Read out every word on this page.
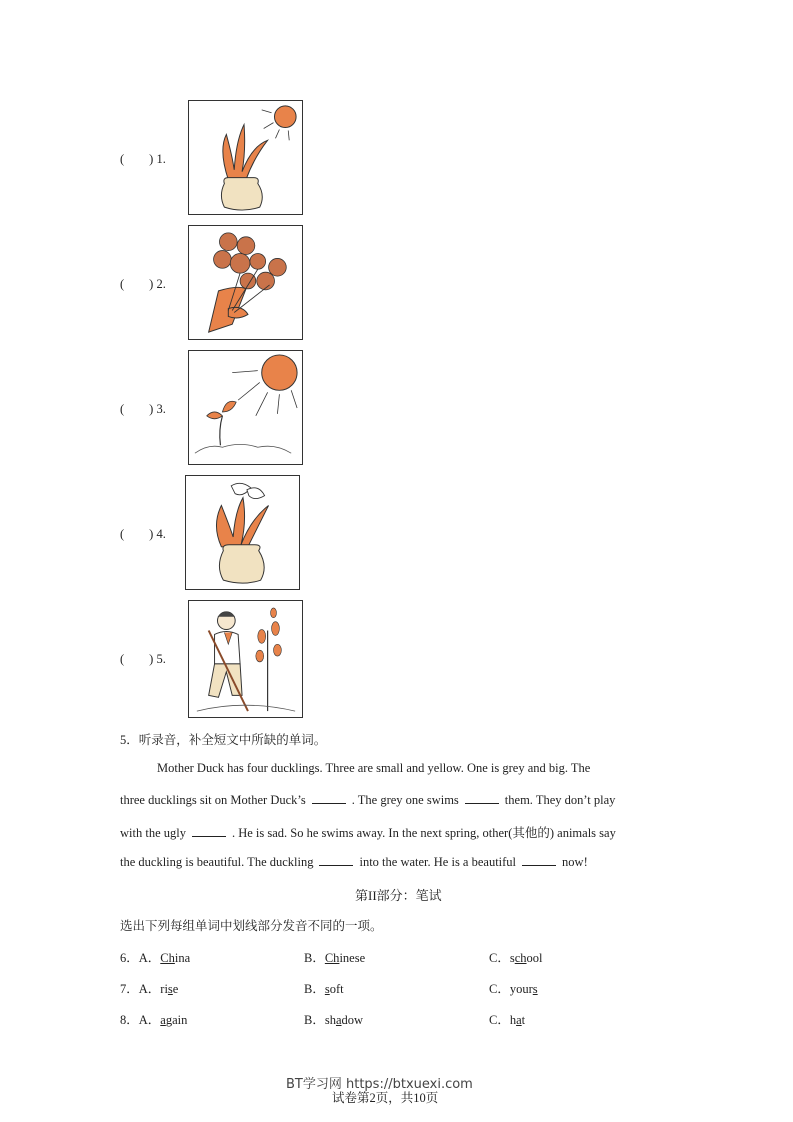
(        ) 1.
(        ) 2.
(        ) 3.
(        ) 4.
(        ) 5.
5．听录音，补全短文中所缺的单词。
Mother Duck has four ducklings. Three are small and yellow. One is grey and big. The
three ducklings sit on Mother Duck’s	. The grey one swims	them. They don’t play
with the ugly	. He is sad. So he swims away. In the next spring, other(其他的) animals say
the duckling is beautiful. The duckling	into the water. He is a beautiful	now!
第II部分：笔试
选出下列每组单词中划线部分发音不同的一项。
6．A．China	B．Chinese	C．school
7．A．rise	B．soft	C．yours
8．A．again	B．shadow	C．hat
BT学习网 https://btxuexi.com
试卷第2页，共10页
